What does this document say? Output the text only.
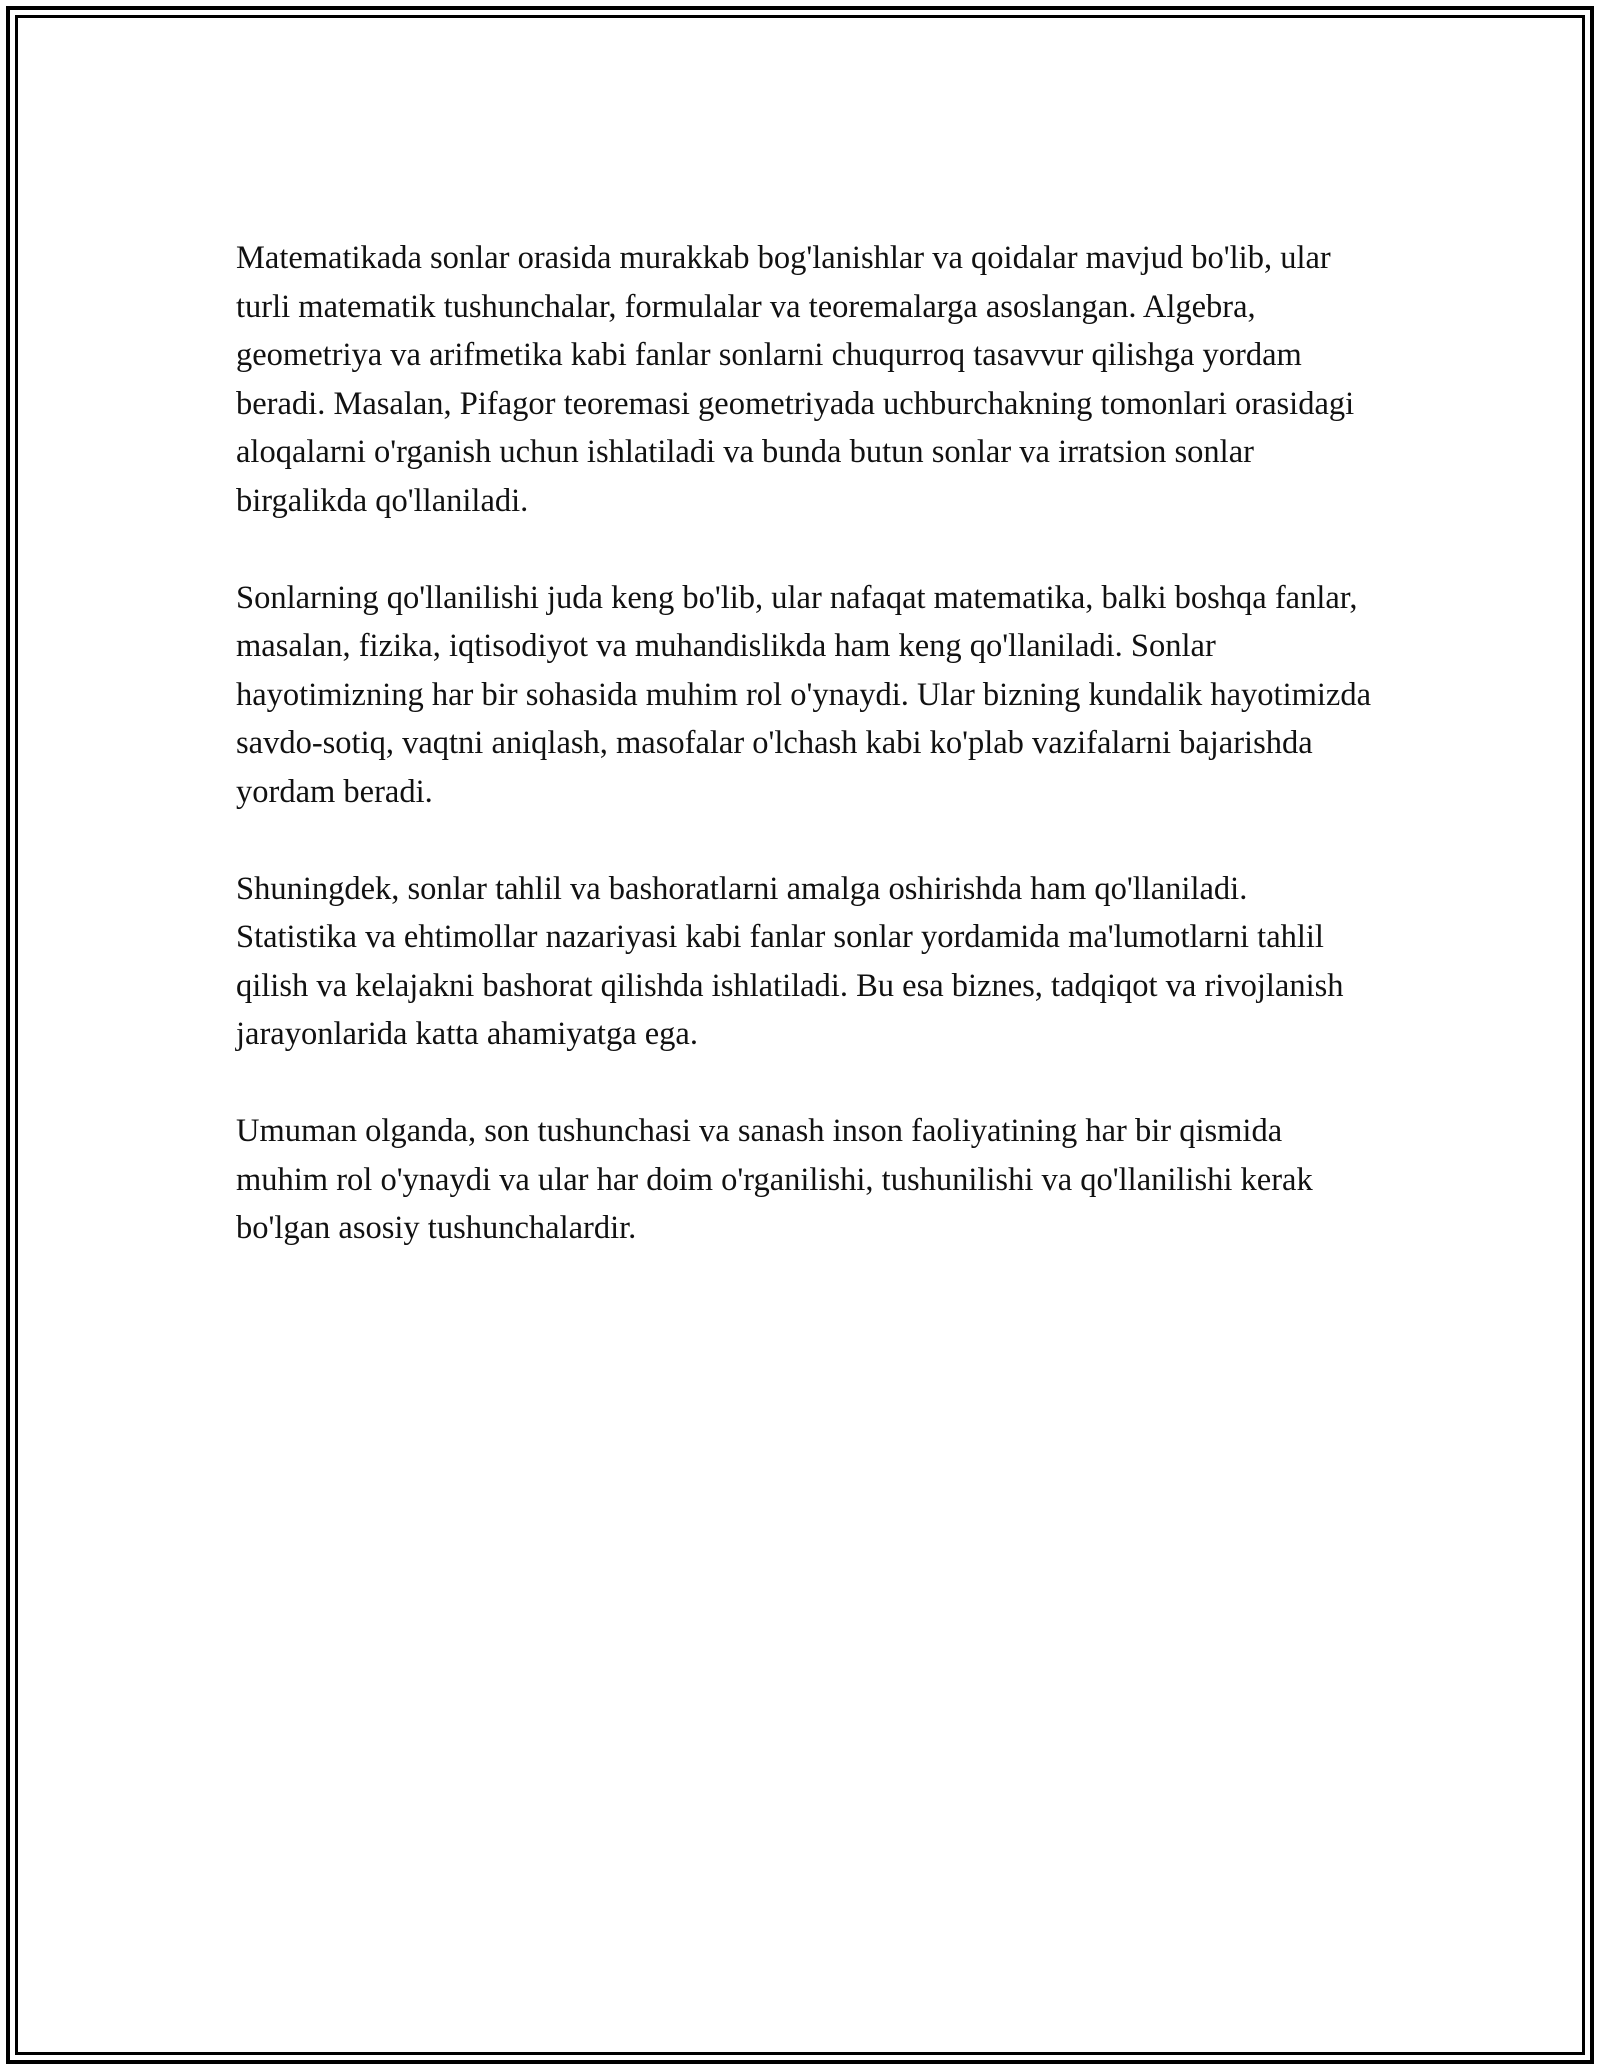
Matematikada sonlar orasida murakkab bog'lanishlar va qoidalar mavjud bo'lib, ular turli matematik tushunchalar, formulalar va teoremalarga asoslangan. Algebra, geometriya va arifmetika kabi fanlar sonlarni chuqurroq tasavvur qilishga yordam beradi. Masalan, Pifagor teoremasi geometriyada uchburchakning tomonlari orasidagi aloqalarni o'rganish uchun ishlatiladi va bunda butun sonlar va irratsion sonlar birgalikda qo'llaniladi.

Sonlarning qo'llanilishi juda keng bo'lib, ular nafaqat matematika, balki boshqa fanlar, masalan, fizika, iqtisodiyot va muhandislikda ham keng qo'llaniladi. Sonlar hayotimizning har bir sohasida muhim rol o'ynaydi. Ular bizning kundalik hayotimizda savdo-sotiq, vaqtni aniqlash, masofalar o'lchash kabi ko'plab vazifalarni bajarishda yordam beradi.

Shuningdek, sonlar tahlil va bashoratlarni amalga oshirishda ham qo'llaniladi. Statistika va ehtimollar nazariyasi kabi fanlar sonlar yordamida ma'lumotlarni tahlil qilish va kelajakni bashorat qilishda ishlatiladi. Bu esa biznes, tadqiqot va rivojlanish jarayonlarida katta ahamiyatga ega.

Umuman olganda, son tushunchasi va sanash inson faoliyatining har bir qismida muhim rol o'ynaydi va ular har doim o'rganilishi, tushunilishi va qo'llanilishi kerak bo'lgan asosiy tushunchalardir.
